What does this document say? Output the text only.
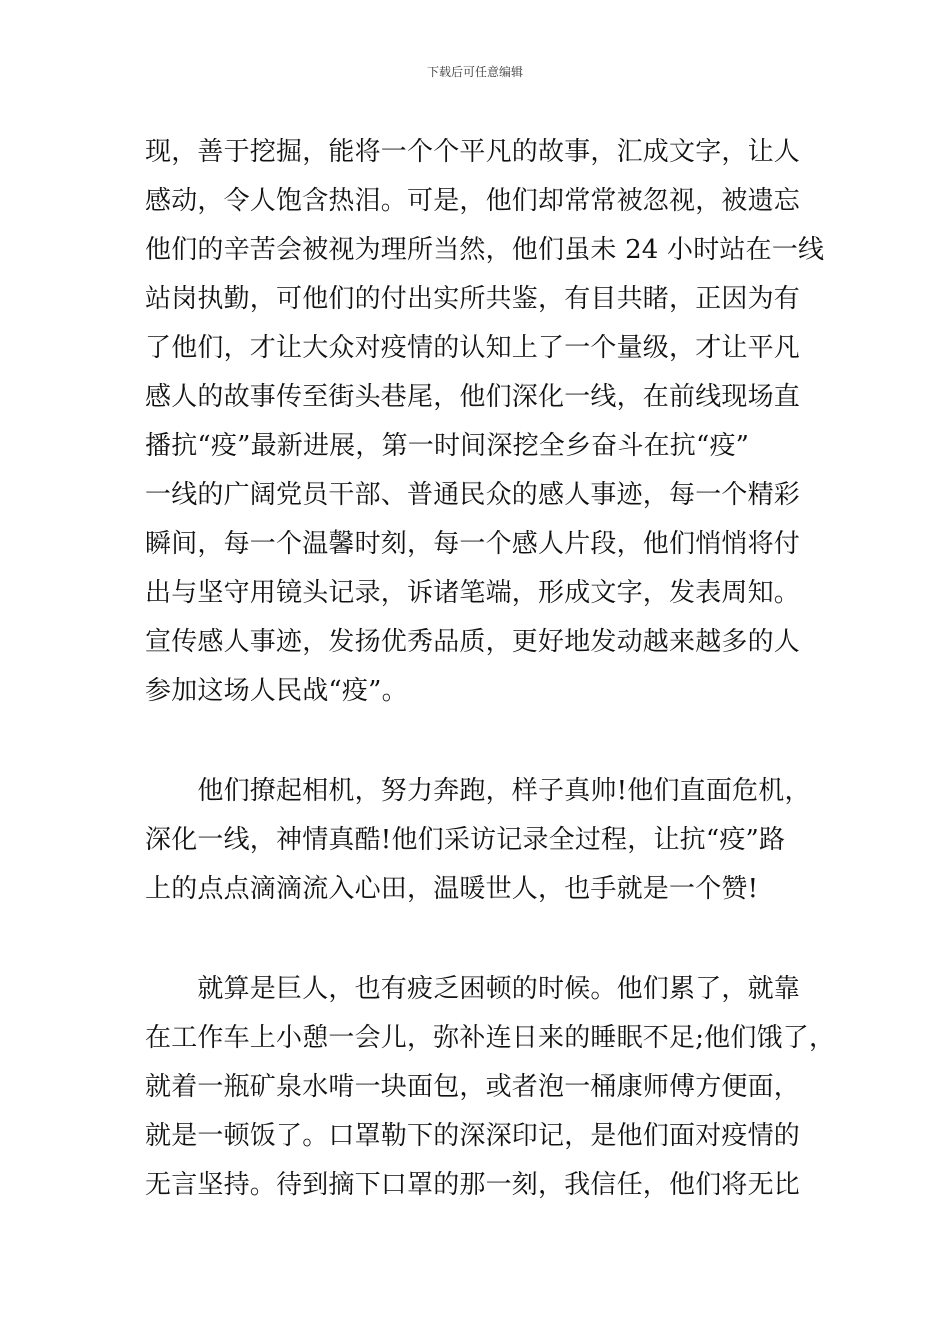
下载后可任意编辑
现，善于挖掘，能将一个个平凡的故事，汇成文字，让人
感动，令人饱含热泪。可是，他们却常常被忽视，被遗忘
他们的辛苦会被视为理所当然，他们虽未 24 小时站在一线
站岗执勤，可他们的付出实所共鉴，有目共睹，正因为有
了他们，才让大众对疫情的认知上了一个量级，才让平凡
感人的故事传至街头巷尾，他们深化一线，在前线现场直
播抗“疫”最新进展，第一时间深挖全乡奋斗在抗“疫”
一线的广阔党员干部、普通民众的感人事迹，每一个精彩
瞬间，每一个温馨时刻，每一个感人片段，他们悄悄将付
出与坚守用镜头记录，诉诸笔端，形成文字，发表周知。
宣传感人事迹，发扬优秀品质，更好地发动越来越多的人
参加这场人民战“疫”。
　　他们撩起相机，努力奔跑，样子真帅!他们直面危机，
深化一线，神情真酷!他们采访记录全过程，让抗“疫”路
上的点点滴滴流入心田，温暖世人，也手就是一个赞!
　　就算是巨人，也有疲乏困顿的时候。他们累了，就靠
在工作车上小憩一会儿，弥补连日来的睡眠不足;他们饿了，
就着一瓶矿泉水啃一块面包，或者泡一桶康师傅方便面，
就是一顿饭了。口罩勒下的深深印记，是他们面对疫情的
无言坚持。待到摘下口罩的那一刻，我信任，他们将无比
